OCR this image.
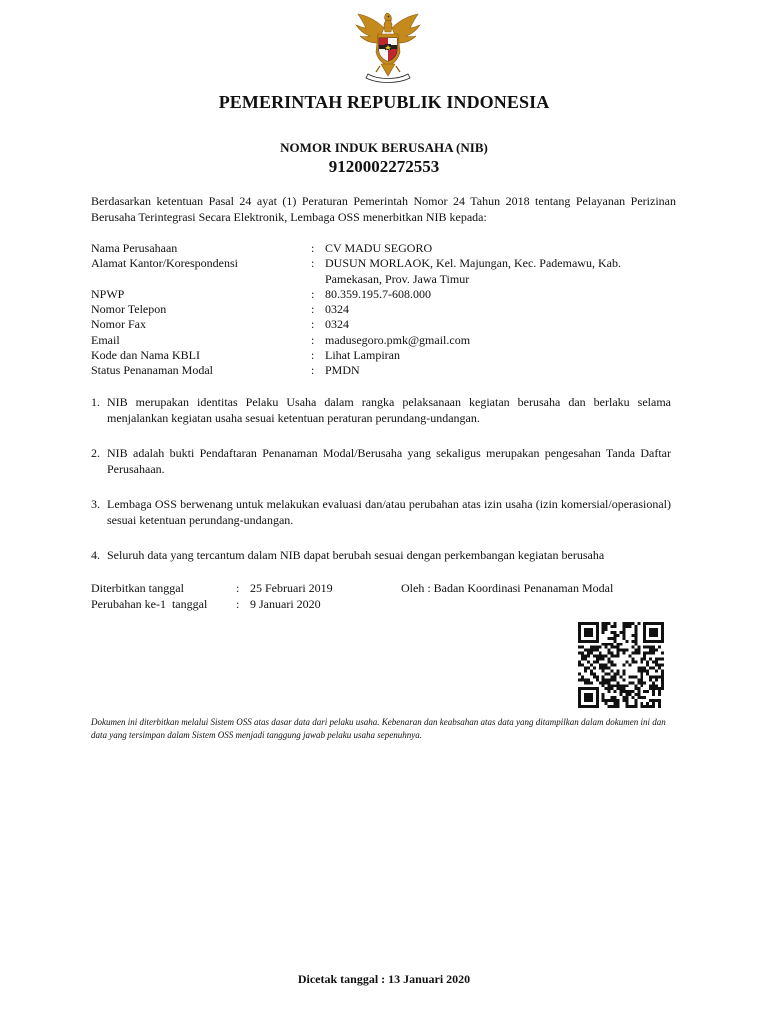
PEMERINTAH REPUBLIK INDONESIA
NOMOR INDUK BERUSAHA (NIB)
9120002272553
Berdasarkan ketentuan Pasal 24 ayat (1) Peraturan Pemerintah Nomor 24 Tahun 2018 tentang Pelayanan Perizinan Berusaha Terintegrasi Secara Elektronik, Lembaga OSS menerbitkan NIB kepada:
Nama Perusahaan	: CV MADU SEGORO
Alamat Kantor/Korespondensi	: DUSUN MORLAOK, Kel. Majungan, Kec. Pademawu, Kab. Pamekasan, Prov. Jawa Timur
NPWP	: 80.359.195.7-608.000
Nomor Telepon	: 0324
Nomor Fax	: 0324
Email	: madusegoro.pmk@gmail.com
Kode dan Nama KBLI	: Lihat Lampiran
Status Penanaman Modal	: PMDN
1. NIB merupakan identitas Pelaku Usaha dalam rangka pelaksanaan kegiatan berusaha dan berlaku selama menjalankan kegiatan usaha sesuai ketentuan peraturan perundang-undangan.
2. NIB adalah bukti Pendaftaran Penanaman Modal/Berusaha yang sekaligus merupakan pengesahan Tanda Daftar Perusahaan.
3. Lembaga OSS berwenang untuk melakukan evaluasi dan/atau perubahan atas izin usaha (izin komersial/operasional) sesuai ketentuan perundang-undangan.
4. Seluruh data yang tercantum dalam NIB dapat berubah sesuai dengan perkembangan kegiatan berusaha
Diterbitkan tanggal	: 25 Februari 2019
Perubahan ke-1  tanggal	: 9 Januari 2020
Oleh : Badan Koordinasi Penanaman Modal
Dokumen ini diterbitkan melalui Sistem OSS atas dasar data dari pelaku usaha. Kebenaran dan keabsahan atas data yang ditampilkan dalam dokumen ini dan data yang tersimpan dalam Sistem OSS menjadi tanggung jawab pelaku usaha sepenuhnya.
Dicetak tanggal : 13 Januari 2020
